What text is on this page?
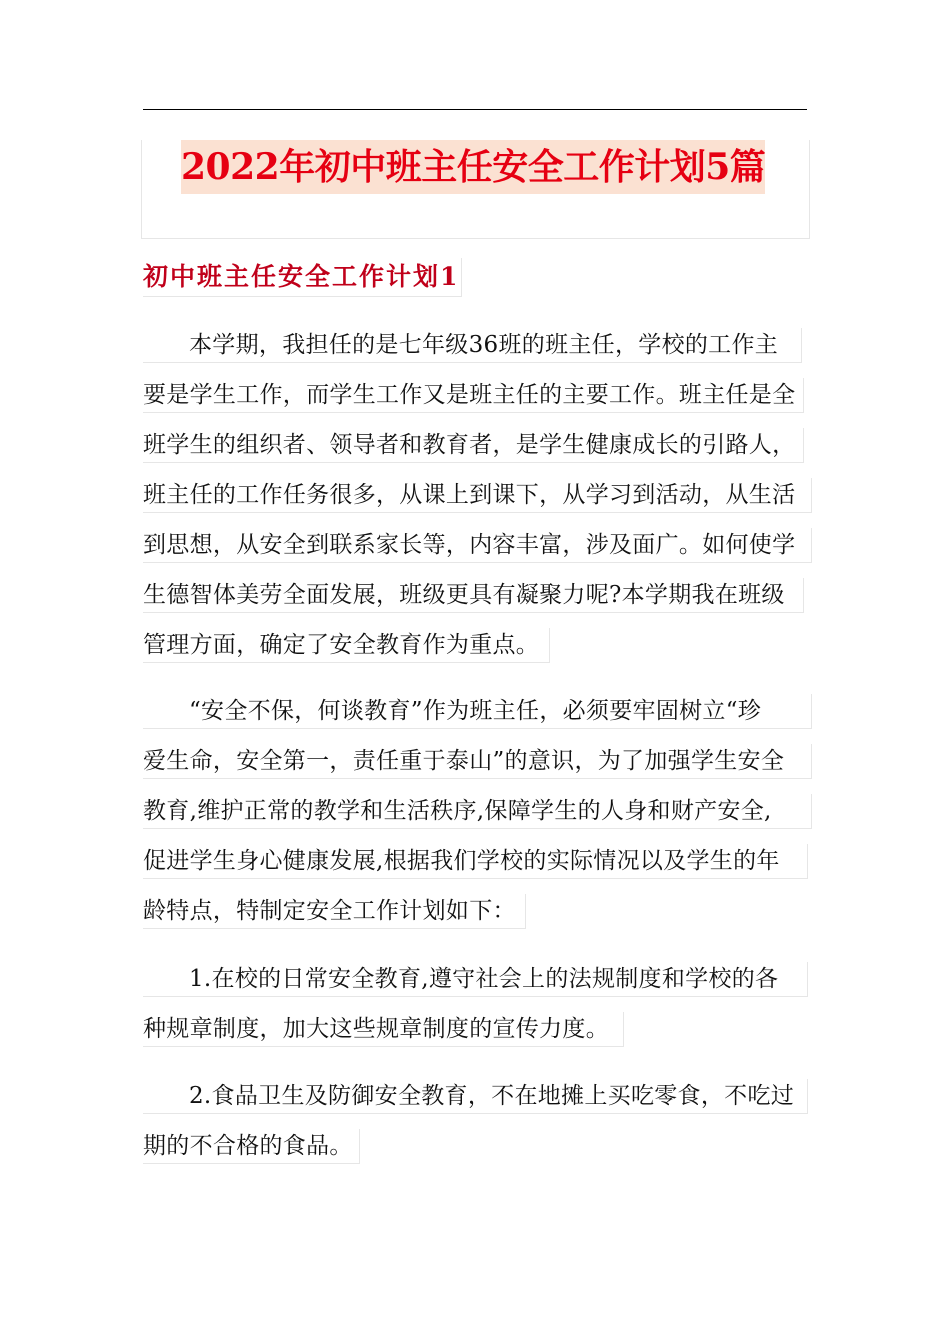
2022年初中班主任安全工作计划5篇
初中班主任安全工作计划1
本学期，我担任的是七年级36班的班主任，学校的工作主
要是学生工作，而学生工作又是班主任的主要工作。班主任是全
班学生的组织者、领导者和教育者，是学生健康成长的引路人，
班主任的工作任务很多，从课上到课下，从学习到活动，从生活
到思想，从安全到联系家长等，内容丰富，涉及面广。如何使学
生德智体美劳全面发展，班级更具有凝聚力呢?本学期我在班级
管理方面，确定了安全教育作为重点。
“安全不保，何谈教育”作为班主任，必须要牢固树立“珍
爱生命，安全第一，责任重于泰山”的意识，为了加强学生安全
教育,维护正常的教学和生活秩序,保障学生的人身和财产安全,
促进学生身心健康发展,根据我们学校的实际情况以及学生的年
龄特点，特制定安全工作计划如下：
1.在校的日常安全教育,遵守社会上的法规制度和学校的各
种规章制度，加大这些规章制度的宣传力度。
2.食品卫生及防御安全教育，不在地摊上买吃零食，不吃过
期的不合格的食品。
